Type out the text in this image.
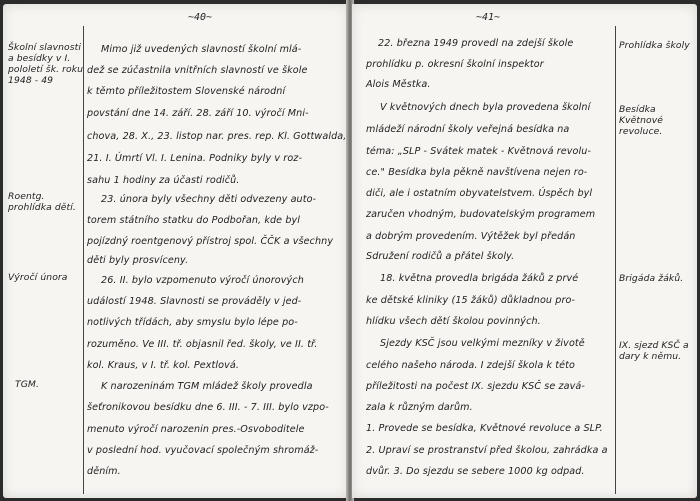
~40~
Školní slavnosti a besídky v I. pololetí šk. roku 1948 - 49
Roentg. prohlídka dětí.
Výročí února
TGM.
Mimo již uvedených slavností školní mlá-
dež se zúčastnila vnitřních slavností ve škole
k těmto příležitostem Slovenské národní
povstání dne 14. září. 28. září 10. výročí Mni-
chova, 28. X., 23. listop nar. pres. rep. Kl. Gottwalda,
21. I. Úmrtí Vl. I. Lenina. Podniky byly v roz-
sahu 1 hodiny za účasti rodičů.
23. února byly všechny děti odvezeny auto-
torem státního statku do Podbořan, kde byl
pojízdný roentgenový přístroj spol. ČČK a všechny
děti byly prosvíceny.
26. II. bylo vzpomenuto výročí únorových
událostí 1948. Slavnosti se prováděly v jed-
notlivých třídách, aby smyslu bylo lépe po-
rozuměno. Ve III. tř. objasnil řed. školy, ve II. tř.
kol. Kraus, v I. tř. kol. Pextlová.
K narozeninám TGM mládež školy provedla
šeťronikovou besídku dne 6. III. - 7. III. bylo vzpo-
menuto výročí narozenin pres.-Osvoboditele
v poslední hod. vyučovací společným shromáž-
děním.
~41~
22. března 1949 provedl na zdejší škole
prohlídku p. okresní školní inspektor
Alois Městka.
V květnových dnech byla provedena školní
mládeží národní školy veřejná besídka na
téma: „SLP - Svátek matek - Květnová revolu-
ce." Besídka byla pěkně navštívena nejen ro-
diči, ale i ostatním obyvatelstvem. Úspěch byl
zaručen vhodným, budovatelským programem
a dobrým provedením. Výtěžek byl předán
Sdružení rodičů a přátel školy.
18. května provedla brigáda žáků z prvé
ke dětské kliniky (15 žáků) důkladnou pro-
hlídku všech dětí školou povinných.
Sjezdy KSČ jsou velkými mezníky v životě
celého našeho národa. I zdejší škola k této
příležitosti na počest IX. sjezdu KSČ se zavá-
zala k různým darům.
1. Provede se besídka, Květnové revoluce a SLP.
2. Upraví se prostranství před školou, zahrádka a
dvůr. 3. Do sjezdu se sebere 1000 kg odpad.
Prohlídka školy
Besídka Květnové revoluce.
Brigáda žáků.
IX. sjezd KSČ a dary k němu.
